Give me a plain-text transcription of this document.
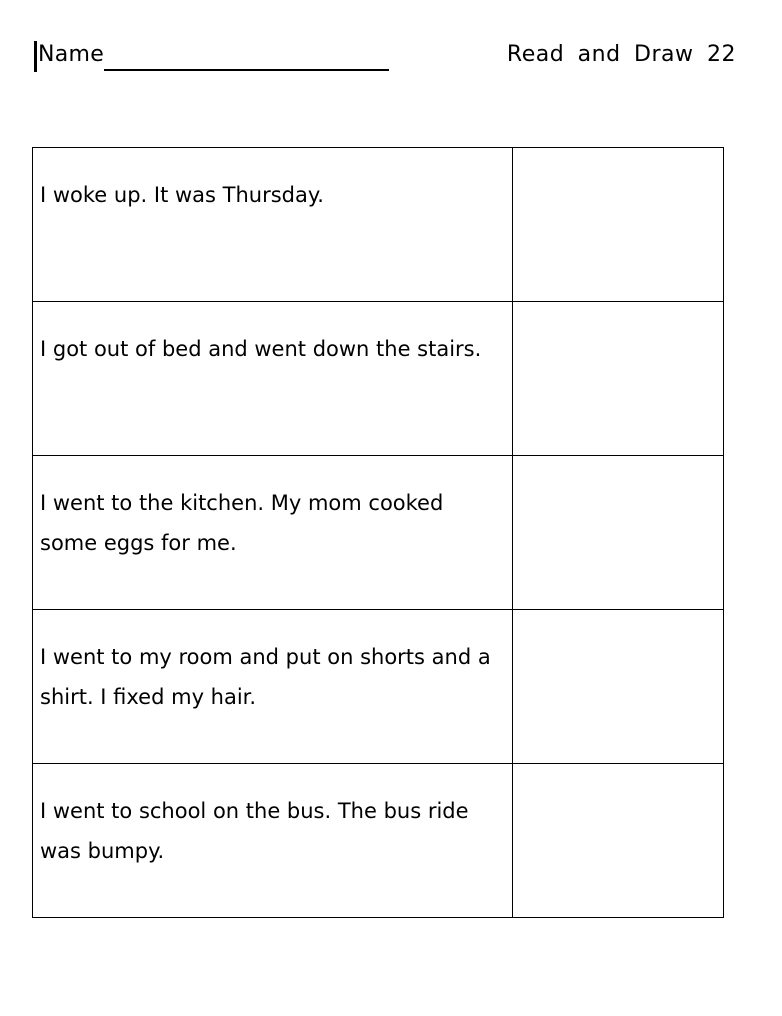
Name	Read and Draw 22
I woke up. It was Thursday.	

I got out of bed and went down the stairs.	

I went to the kitchen. My mom cooked some eggs for me.	

I went to my room and put on shorts and a shirt. I fixed my hair.	

I went to school on the bus. The bus ride was bumpy.	
